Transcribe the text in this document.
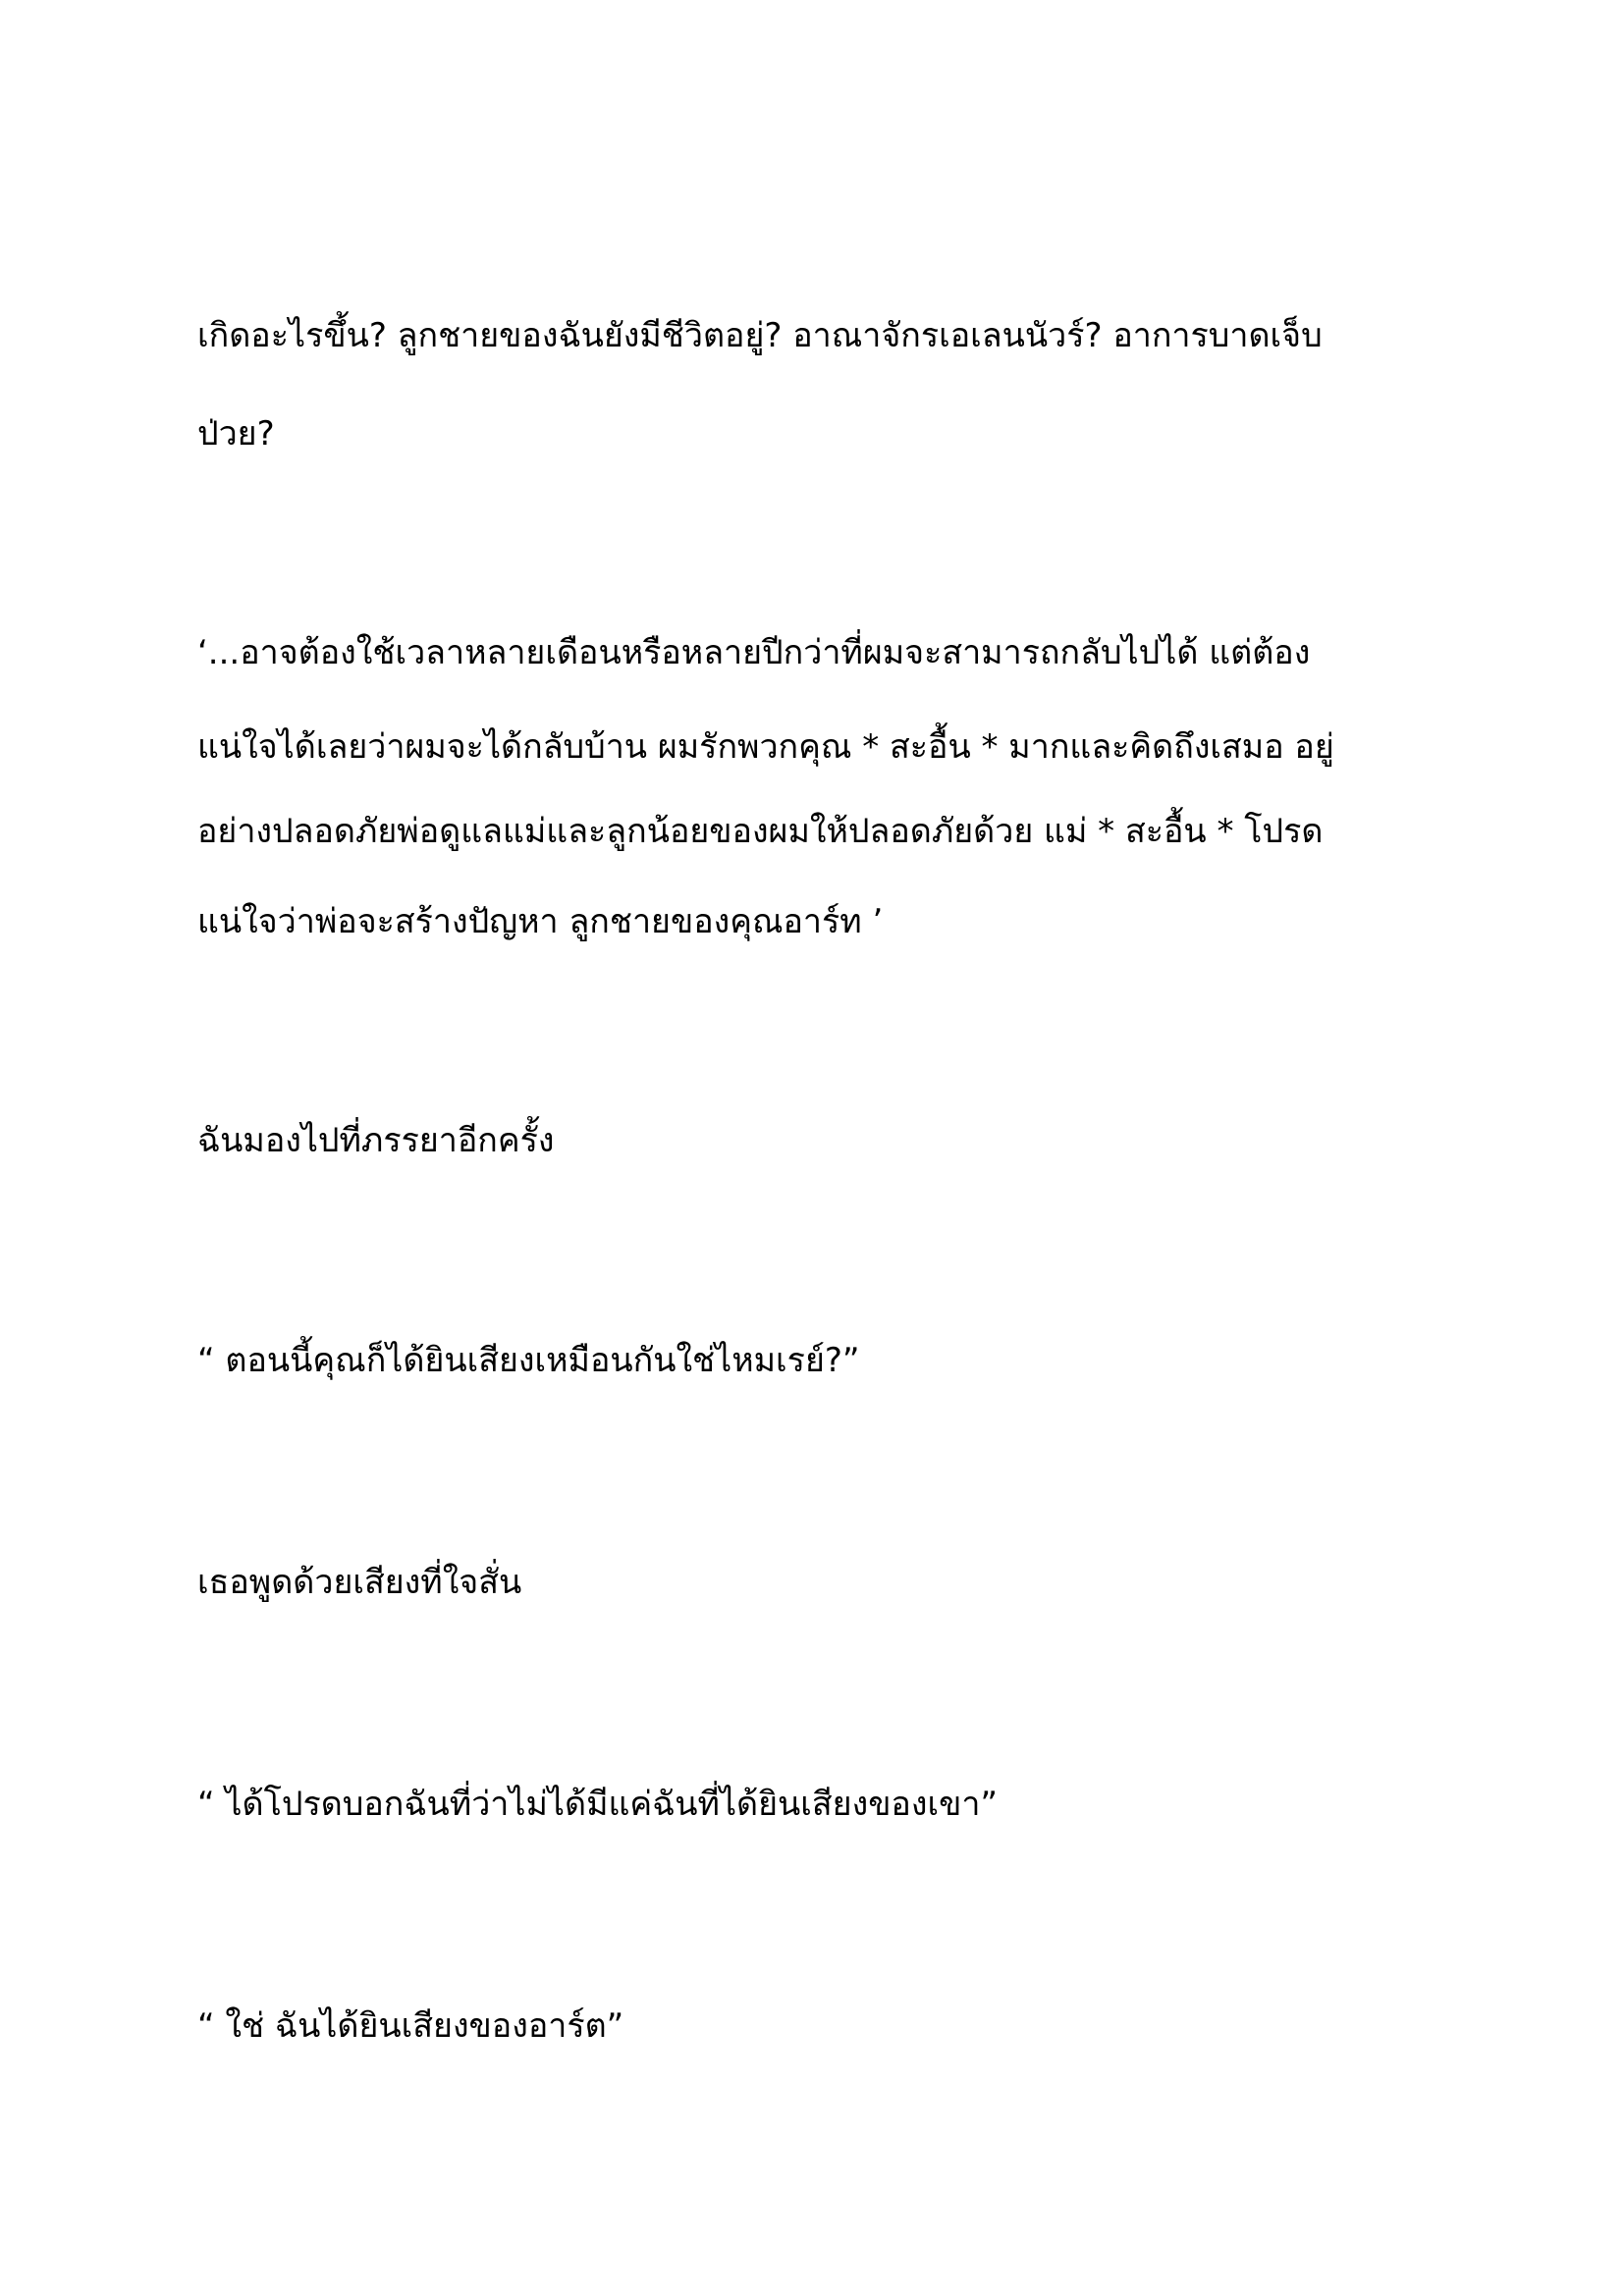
เกิดอะไรขึ้น? ลูกชายของฉันยังมีชีวิตอยู่? อาณาจักรเอเลนนัวร์? อาการบาดเจ็บ
ป่วย?
‘...อาจต้องใช้เวลาหลายเดือนหรือหลายปีกว่าที่ผมจะสามารถกลับไปได้ แต่ต้อง
แน่ใจได้เลยว่าผมจะได้กลับบ้าน ผมรักพวกคุณ * สะอื้น * มากและคิดถึงเสมอ อยู่
อย่างปลอดภัยพ่อดูแลแม่และลูกน้อยของผมให้ปลอดภัยด้วย แม่ * สะอื้น * โปรด
แน่ใจว่าพ่อจะสร้างปัญหา ลูกชายของคุณอาร์ท ’
ฉันมองไปที่ภรรยาอีกครั้ง
“ ตอนนี้คุณก็ได้ยินเสียงเหมือนกันใช่ไหมเรย์?”
เธอพูดด้วยเสียงที่ใจสั่น
“ ได้โปรดบอกฉันที่ว่าไม่ได้มีแค่ฉันที่ได้ยินเสียงของเขา”
“ ใช่ ฉันได้ยินเสียงของอาร์ต”
